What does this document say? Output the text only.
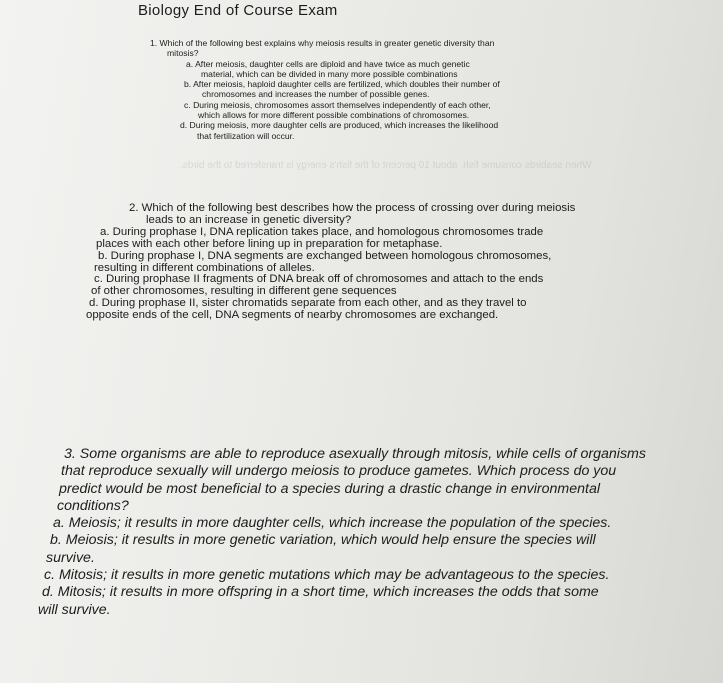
Biology End of Course Exam
1. Which of the following best explains why meiosis results in greater genetic diversity than
mitosis?
a. After meiosis, daughter cells are diploid and have twice as much genetic
material, which can be divided in many more possible combinations
b. After meiosis, haploid daughter cells are fertilized, which doubles their number of
chromosomes and increases the number of possible genes.
c. During meiosis, chromosomes assort themselves independently of each other,
which allows for more different possible combinations of chromosomes.
d. During meiosis, more daughter cells are produced, which increases the likelihood
that fertilization will occur.
When seabirds consume fish, about 10 percent of the fish's energy is transferred to the birds.
2. Which of the following best describes how the process of crossing over during meiosis
leads to an increase in genetic diversity?
a. During prophase I, DNA replication takes place, and homologous chromosomes trade
places with each other before lining up in preparation for metaphase.
b. During prophase I, DNA segments are exchanged between homologous chromosomes,
resulting in different combinations of alleles.
c. During prophase II fragments of DNA break off of chromosomes and attach to the ends
of other chromosomes, resulting in different gene sequences
d. During prophase II, sister chromatids separate from each other, and as they travel to
opposite ends of the cell, DNA segments of nearby chromosomes are exchanged.
3. Some organisms are able to reproduce asexually through mitosis, while cells of organisms
that reproduce sexually will undergo meiosis to produce gametes. Which process do you
predict would be most beneficial to a species during a drastic change in environmental
conditions?
a. Meiosis; it results in more daughter cells, which increase the population of the species.
b. Meiosis; it results in more genetic variation, which would help ensure the species will
survive.
c. Mitosis; it results in more genetic mutations which may be advantageous to the species.
d. Mitosis; it results in more offspring in a short time, which increases the odds that some
will survive.
